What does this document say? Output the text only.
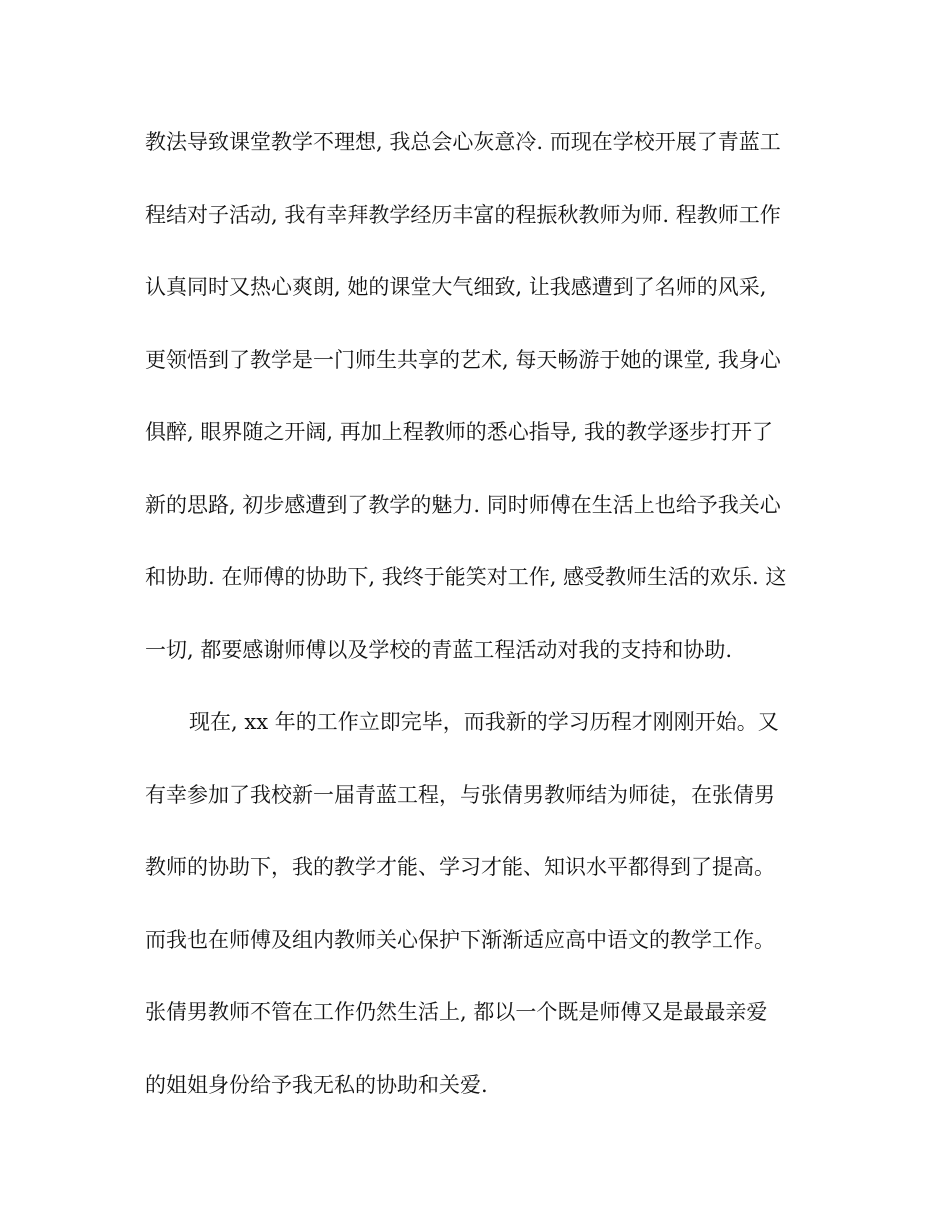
教法导致课堂教学不理想, 我总会心灰意冷. 而现在学校开展了青蓝工
程结对子活动, 我有幸拜教学经历丰富的程振秋教师为师. 程教师工作
认真同时又热心爽朗, 她的课堂大气细致, 让我感遭到了名师的风采,
更领悟到了教学是一门师生共享的艺术, 每天畅游于她的课堂, 我身心
俱醉, 眼界随之开阔, 再加上程教师的悉心指导, 我的教学逐步打开了
新的思路, 初步感遭到了教学的魅力. 同时师傅在生活上也给予我关心
和协助. 在师傅的协助下, 我终于能笑对工作, 感受教师生活的欢乐. 这
一切, 都要感谢师傅以及学校的青蓝工程活动对我的支持和协助.
现在, xx 年的工作立即完毕，而我新的学习历程才刚刚开始。又
有幸参加了我校新一届青蓝工程，与张倩男教师结为师徒，在张倩男
教师的协助下，我的教学才能、学习才能、知识水平都得到了提高。
而我也在师傅及组内教师关心保护下渐渐适应高中语文的教学工作。
张倩男教师不管在工作仍然生活上, 都以一个既是师傅又是最最亲爱
的姐姐身份给予我无私的协助和关爱.
